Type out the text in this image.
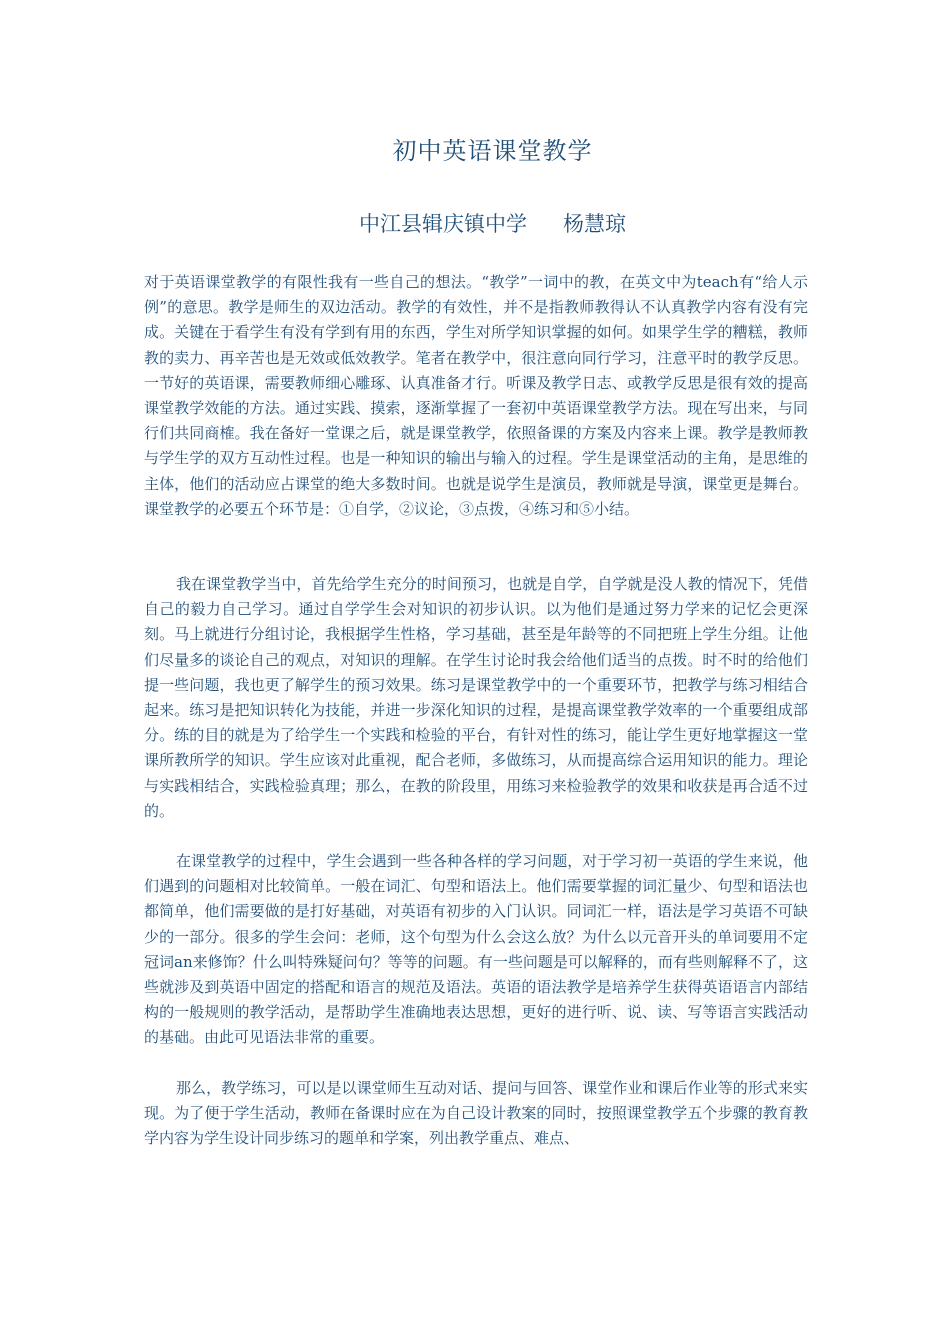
初中英语课堂教学
中江县辑庆镇中学 杨慧琼

对于英语课堂教学的有限性我有一些自己的想法。“教学”一词中的教，在英文中为teach有“给人示例”的意思。教学是师生的双边活动。教学的有效性，并不是指教师教得认不认真教学内容有没有完成。关键在于看学生有没有学到有用的东西，学生对所学知识掌握的如何。如果学生学的糟糕，教师教的卖力、再辛苦也是无效或低效教学。笔者在教学中，很注意向同行学习，注意平时的教学反思。一节好的英语课，需要教师细心雕琢、认真准备才行。听课及教学日志、或教学反思是很有效的提高课堂教学效能的方法。通过实践、摸索，逐渐掌握了一套初中英语课堂教学方法。现在写出来，与同行们共同商榷。我在备好一堂课之后，就是课堂教学，依照备课的方案及内容来上课。教学是教师教与学生学的双方互动性过程。也是一种知识的输出与输入的过程。学生是课堂活动的主角，是思维的主体，他们的活动应占课堂的绝大多数时间。也就是说学生是演员，教师就是导演，课堂更是舞台。课堂教学的必要五个环节是：①自学，②议论，③点拨，④练习和⑤小结。

我在课堂教学当中，首先给学生充分的时间预习，也就是自学，自学就是没人教的情况下，凭借自己的毅力自己学习。通过自学学生会对知识的初步认识。以为他们是通过努力学来的记忆会更深刻。马上就进行分组讨论，我根据学生性格，学习基础，甚至是年龄等的不同把班上学生分组。让他们尽量多的谈论自己的观点，对知识的理解。在学生讨论时我会给他们适当的点拨。时不时的给他们提一些问题，我也更了解学生的预习效果。练习是课堂教学中的一个重要环节，把教学与练习相结合起来。练习是把知识转化为技能，并进一步深化知识的过程，是提高课堂教学效率的一个重要组成部分。练的目的就是为了给学生一个实践和检验的平台，有针对性的练习，能让学生更好地掌握这一堂课所教所学的知识。学生应该对此重视，配合老师，多做练习，从而提高综合运用知识的能力。理论与实践相结合，实践检验真理；那么，在教的阶段里，用练习来检验教学的效果和收获是再合适不过的。

在课堂教学的过程中，学生会遇到一些各种各样的学习问题，对于学习初一英语的学生来说，他们遇到的问题相对比较简单。一般在词汇、句型和语法上。他们需要掌握的词汇量少、句型和语法也都简单，他们需要做的是打好基础，对英语有初步的入门认识。同词汇一样，语法是学习英语不可缺少的一部分。很多的学生会问：老师，这个句型为什么会这么放？为什么以元音开头的单词要用不定冠词an来修饰？什么叫特殊疑问句？等等的问题。有一些问题是可以解释的，而有些则解释不了，这些就涉及到英语中固定的搭配和语言的规范及语法。英语的语法教学是培养学生获得英语语言内部结构的一般规则的教学活动，是帮助学生准确地表达思想，更好的进行听、说、读、写等语言实践活动的基础。由此可见语法非常的重要。

那么，教学练习，可以是以课堂师生互动对话、提问与回答、课堂作业和课后作业等的形式来实现。为了便于学生活动，教师在备课时应在为自己设计教案的同时，按照课堂教学五个步骤的教育教学内容为学生设计同步练习的题单和学案，列出教学重点、难点、
